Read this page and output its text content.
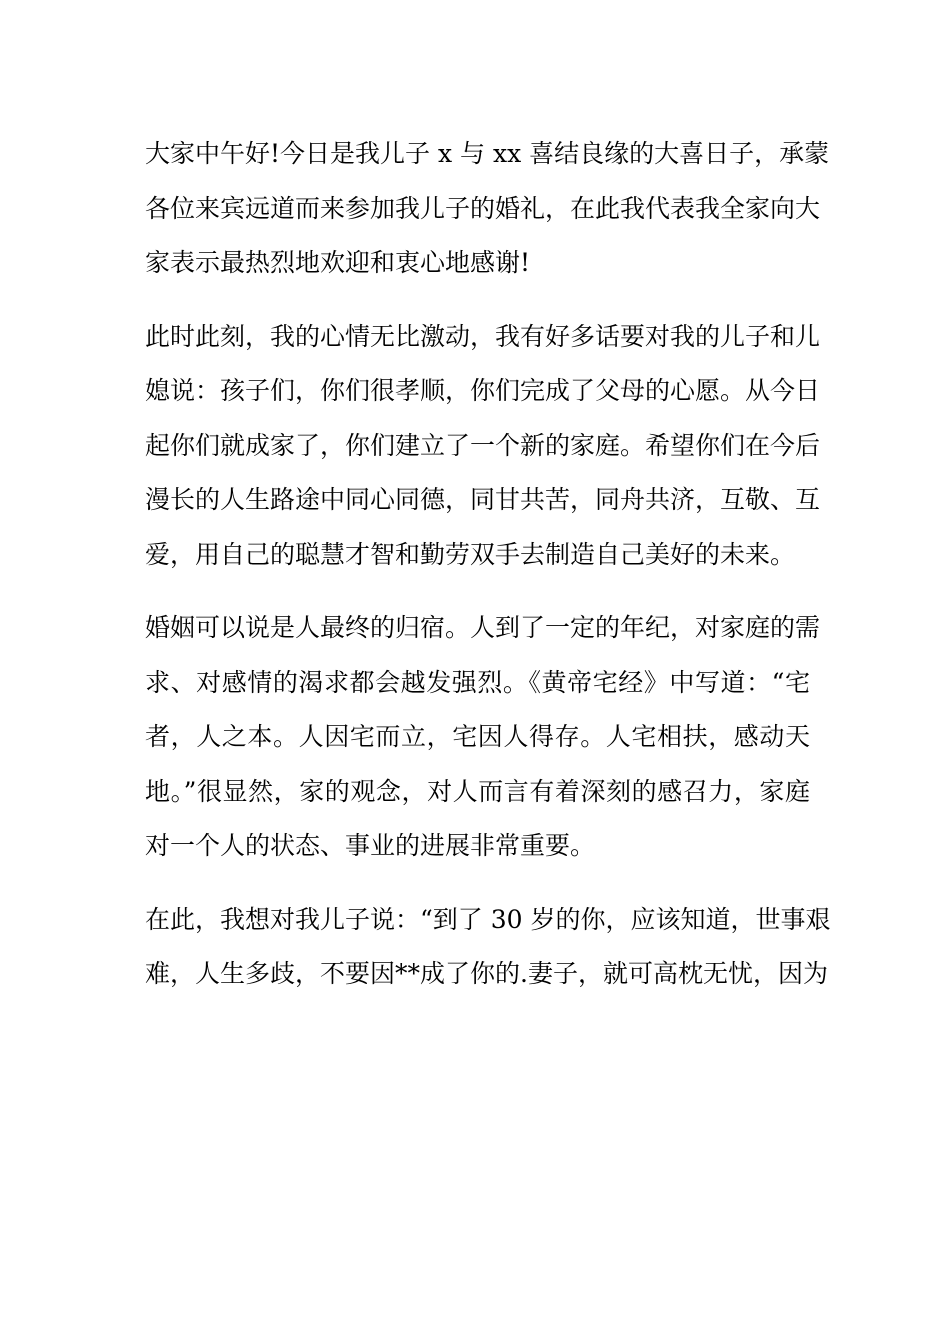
大家中午好!今日是我儿子 x 与 xx 喜结良缘的大喜日子，承蒙
各位来宾远道而来参加我儿子的婚礼，在此我代表我全家向大
家表示最热烈地欢迎和衷心地感谢!
此时此刻，我的心情无比激动，我有好多话要对我的儿子和儿
媳说：孩子们，你们很孝顺，你们完成了父母的心愿。从今日
起你们就成家了，你们建立了一个新的家庭。希望你们在今后
漫长的人生路途中同心同德，同甘共苦，同舟共济，互敬、互
爱，用自己的聪慧才智和勤劳双手去制造自己美好的未来。
婚姻可以说是人最终的归宿。人到了一定的年纪，对家庭的需
求、对感情的渴求都会越发强烈。《黄帝宅经》中写道：“宅
者，人之本。人因宅而立，宅因人得存。人宅相扶，感动天
地。”很显然，家的观念，对人而言有着深刻的感召力，家庭
对一个人的状态、事业的进展非常重要。
在此，我想对我儿子说：“到了 30 岁的你，应该知道，世事艰
难，人生多歧，不要因**成了你的.妻子，就可高枕无忧，因为
